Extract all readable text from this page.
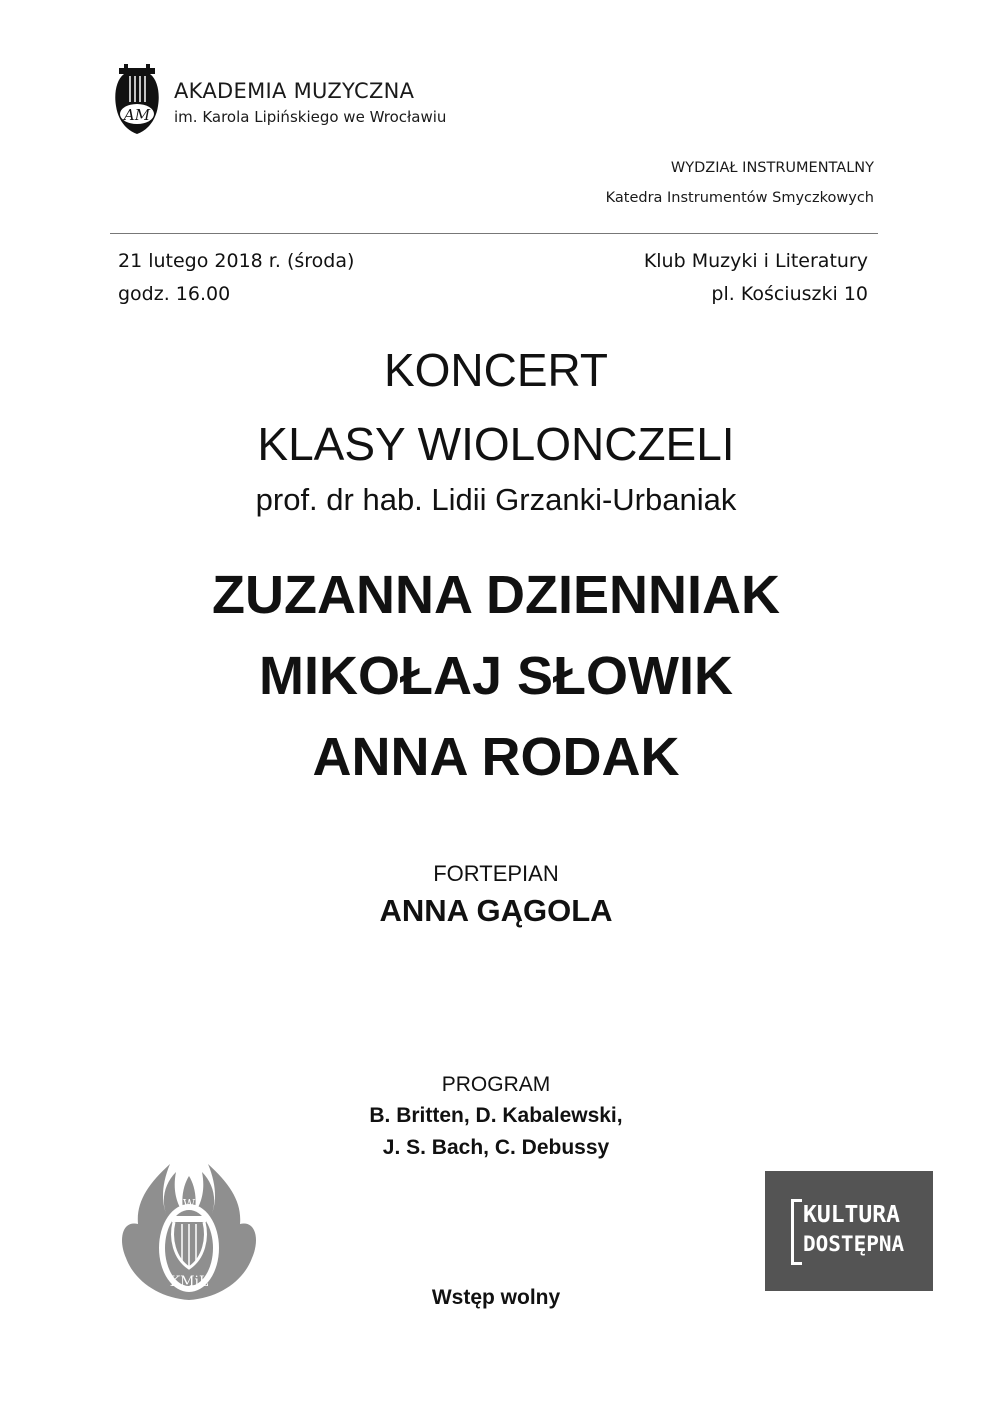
AM
AKADEMIA MUZYCZNA
im. Karola Lipińskiego we Wrocławiu
WYDZIAŁ INSTRUMENTALNY
Katedra Instrumentów Smyczkowych
21 lutego 2018 r. (środa)
godz. 16.00
Klub Muzyki i Literatury
pl. Kościuszki 10
KONCERT
KLASY WIOLONCZELI
prof. dr hab. Lidii Grzanki-Urbaniak
ZUZANNA DZIENNIAK
MIKOŁAJ SŁOWIK
ANNA RODAK
FORTEPIAN
ANNA GĄGOLA
PROGRAM
B. Britten, D. Kabalewski,
J. S. Bach, C. Debussy
Wstęp wolny
W
KMiL
KULTURA
DOSTĘPNA
